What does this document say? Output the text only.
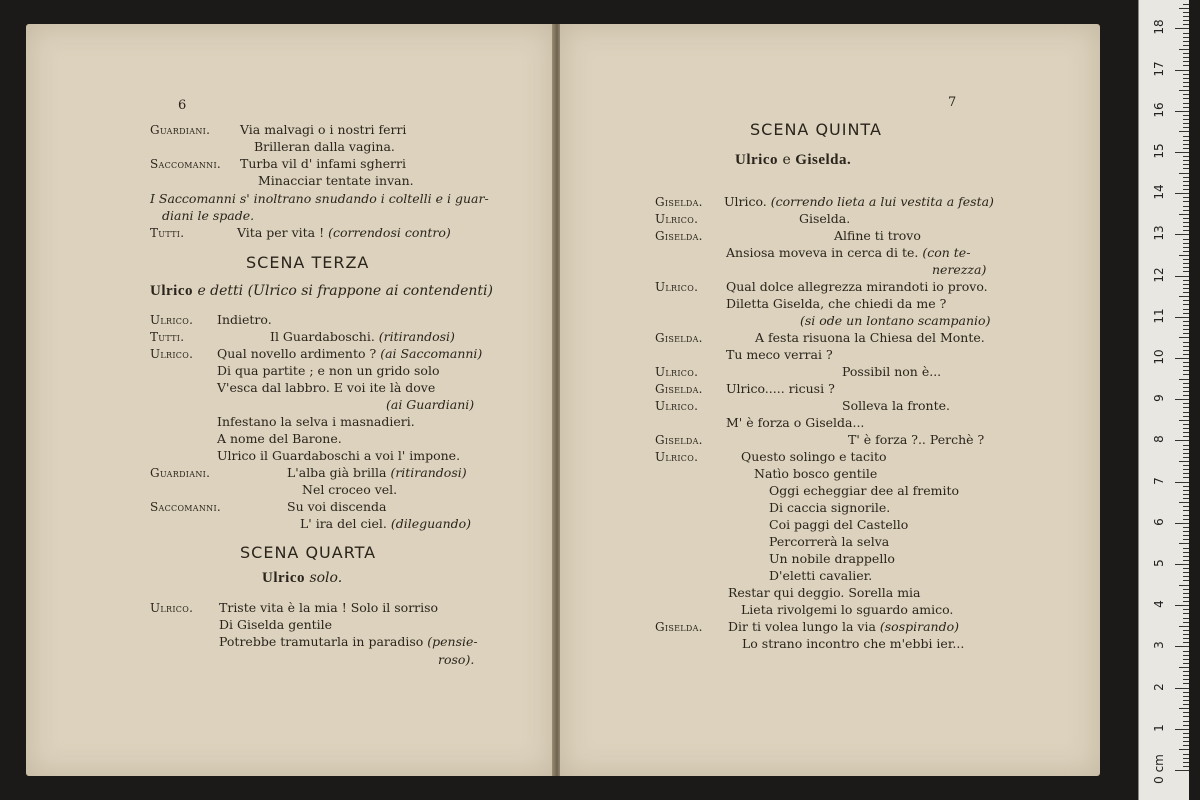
6	7
Guardiani. Via malvagi o i nostri ferri
Brilleran dalla vagina.
Saccomanni. Turba vil d' infami sgherri
Minacciar tentate invan.
I Saccomanni s' inoltrano snudando i coltelli e i guar-
diani le spade.
Tutti.	Vita per vita ! (correndosi contro)
SCENA TERZA
Ulrico e detti (Ulrico si frappone ai contendenti)
Ulrico. Indietro.
Tutti.	Il Guardaboschi. (ritirandosi)
Ulrico. Qual novello ardimento ? (ai Saccomanni)
Di qua partite ; e non un grido solo
V'esca dal labbro. E voi ite là dove
(ai Guardiani)
Infestano la selva i masnadieri.
A nome del Barone.
Ulrico il Guardaboschi a voi l' impone.
Guardiani.	L'alba già brilla (ritirandosi)
Nel croceo vel.
Saccomanni.	Su voi discenda
L' ira del ciel. (dileguando)
SCENA QUARTA
Ulrico solo.
Ulrico. Triste vita è la mia ! Solo il sorriso
Di Giselda gentile
Potrebbe tramutarla in paradiso (pensie-
roso).
SCENA QUINTA
Ulrico e Giselda.
Giselda. Ulrico. (correndo lieta a lui vestita a festa)
Ulrico.	Giselda.
Giselda.	Alfine ti trovo
Ansiosa moveva in cerca di te. (con te-
nerezza)
Ulrico. Qual dolce allegrezza mirandoti io provo.
Diletta Giselda, che chiedi da me ?
(si ode un lontano scampanio)
Giselda.	A festa risuona la Chiesa del Monte.
Tu meco verrai ?
Ulrico.	Possibil non è...
Giselda. Ulrico..... ricusi ?
Ulrico.	Solleva la fronte.
M' è forza o Giselda...
Giselda.	T' è forza ?.. Perchè ?
Ulrico.	Questo solingo e tacito
Natìo bosco gentile
Oggi echeggiar dee al fremito
Di caccia signorile.
Coi paggi del Castello
Percorrerà la selva
Un nobile drappello
D'eletti cavalier.
Restar qui deggio. Sorella mia
Lieta rivolgemi lo sguardo amico.
Giselda. Dir ti volea lungo la via (sospirando)
Lo strano incontro che m'ebbi ier...
0 cm
1
2
3
4
5
6
7
8
9
10
11
12
13
14
15
16
17
18
